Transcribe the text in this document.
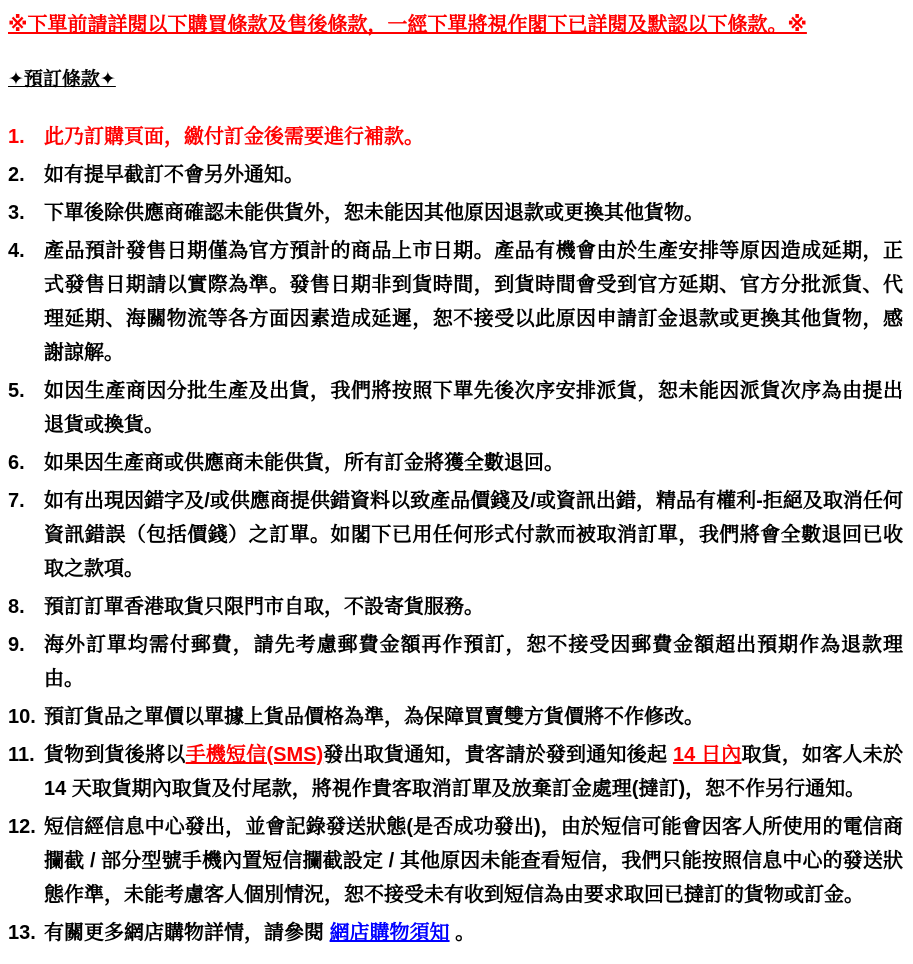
※下單前請詳閱以下購買條款及售後條款，一經下單將視作閣下已詳閱及默認以下條款。※
✦預訂條款✦
1. 此乃訂購頁面，繳付訂金後需要進行補款。
2. 如有提早截訂不會另外通知。
3. 下單後除供應商確認未能供貨外，恕未能因其他原因退款或更換其他貨物。
4. 產品預計發售日期僅為官方預計的商品上市日期。產品有機會由於生產安排等原因造成延期，正式發售日期請以實際為準。發售日期非到貨時間，到貨時間會受到官方延期、官方分批派貨、代理延期、海關物流等各方面因素造成延遲，恕不接受以此原因申請訂金退款或更換其他貨物，感謝諒解。
5. 如因生產商因分批生產及出貨，我們將按照下單先後次序安排派貨，恕未能因派貨次序為由提出退貨或換貨。
6. 如果因生產商或供應商未能供貨，所有訂金將獲全數退回。
7. 如有出現因錯字及/或供應商提供錯資料以致產品價錢及/或資訊出錯，精品有權利-拒絕及取消任何資訊錯誤（包括價錢）之訂單。如閣下已用任何形式付款而被取消訂單，我們將會全數退回已收取之款項。
8. 預訂訂單香港取貨只限門市自取，不設寄貨服務。
9. 海外訂單均需付郵費，請先考慮郵費金額再作預訂，恕不接受因郵費金額超出預期作為退款理由。
10. 預訂貨品之單價以單據上貨品價格為準，為保障買賣雙方貨價將不作修改。
11. 貨物到貨後將以手機短信(SMS)發出取貨通知，貴客請於發到通知後起 14 日內取貨，如客人未於 14 天取貨期內取貨及付尾款，將視作貴客取消訂單及放棄訂金處理(撻訂)，恕不作另行通知。
12. 短信經信息中心發出，並會記錄發送狀態(是否成功發出)，由於短信可能會因客人所使用的電信商攔截 / 部分型號手機內置短信攔截設定 / 其他原因未能查看短信，我們只能按照信息中心的發送狀態作準，未能考慮客人個別情況，恕不接受未有收到短信為由要求取回已撻訂的貨物或訂金。
13. 有關更多網店購物詳情，請參閱 網店購物須知 。
